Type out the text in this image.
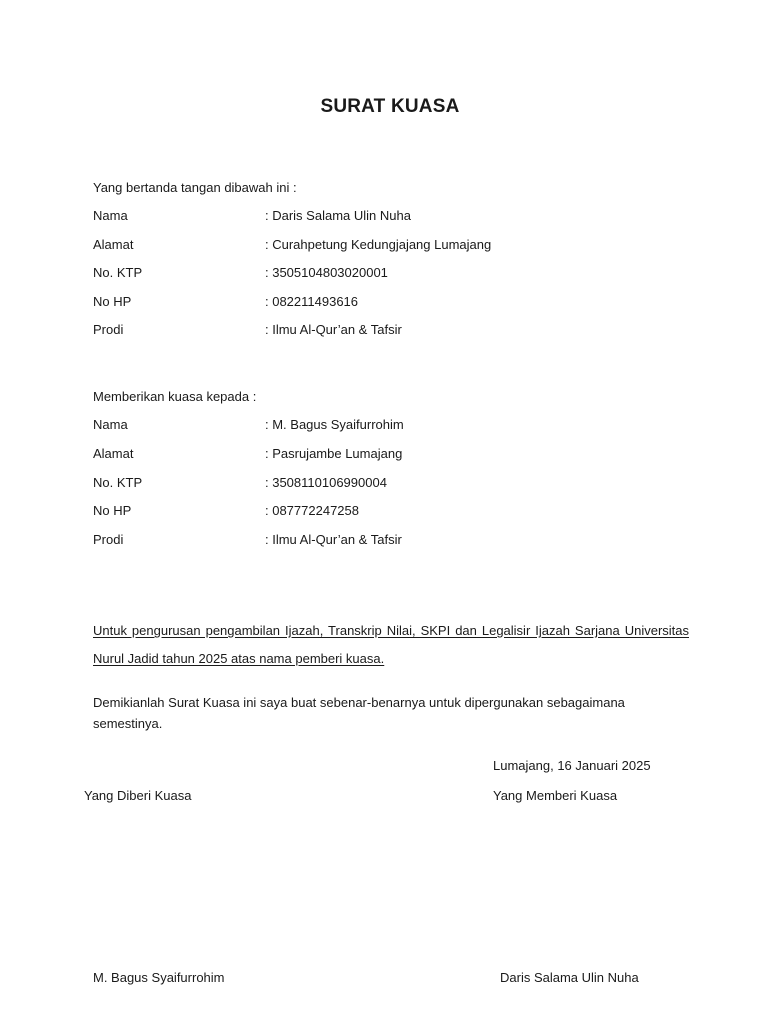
SURAT KUASA
Yang bertanda tangan dibawah ini :
Nama	: Daris Salama Ulin Nuha
Alamat	: Curahpetung Kedungjajang Lumajang
No. KTP	: 3505104803020001
No HP	: 082211493616
Prodi	: Ilmu Al-Qur’an & Tafsir
Memberikan kuasa kepada :
Nama	: M. Bagus Syaifurrohim
Alamat	: Pasrujambe Lumajang
No. KTP	: 3508110106990004
No HP	: 087772247258
Prodi	: Ilmu Al-Qur’an & Tafsir
Untuk pengurusan pengambilan Ijazah, Transkrip Nilai, SKPI dan Legalisir Ijazah Sarjana Universitas Nurul Jadid tahun 2025 atas nama pemberi kuasa.
Demikianlah Surat Kuasa ini saya buat sebenar-benarnya untuk dipergunakan sebagaimana semestinya.
Lumajang, 16 Januari 2025
Yang Diberi Kuasa	Yang Memberi Kuasa
M. Bagus Syaifurrohim	Daris Salama Ulin Nuha
